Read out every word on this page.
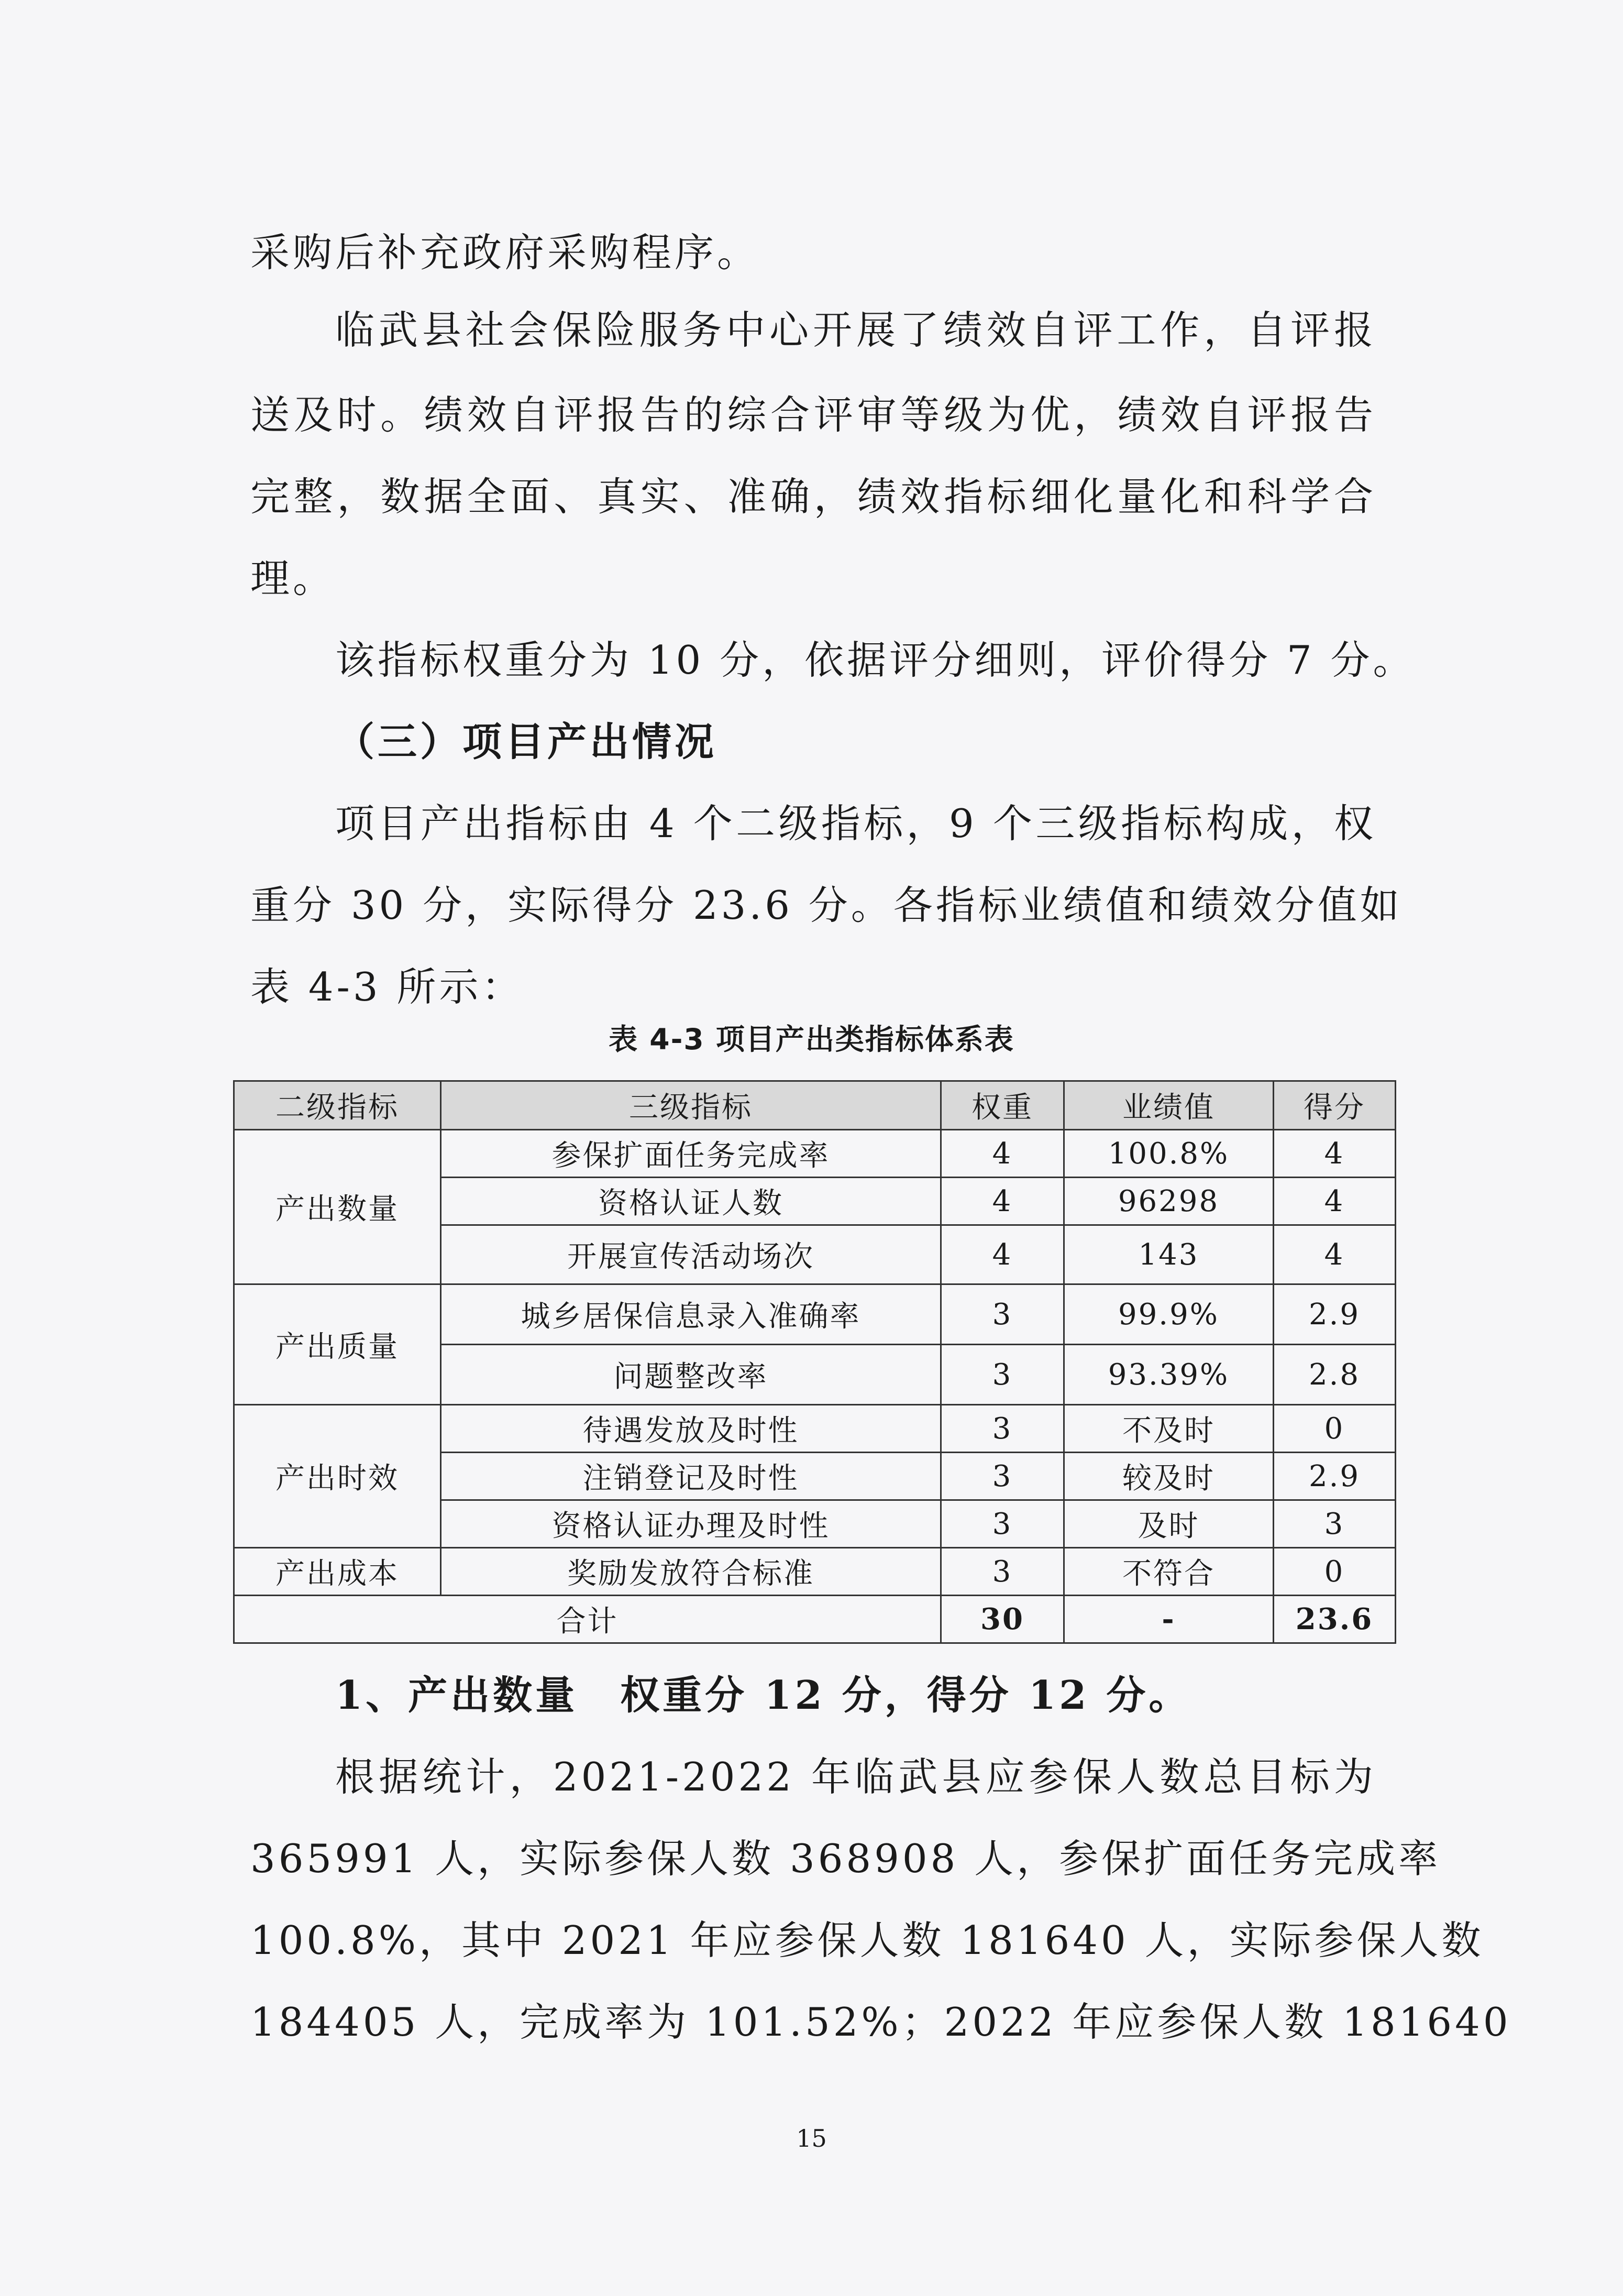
采购后补充政府采购程序。
临武县社会保险服务中心开展了绩效自评工作，自评报
送及时。绩效自评报告的综合评审等级为优，绩效自评报告
完整，数据全面、真实、准确，绩效指标细化量化和科学合
理。
该指标权重分为 10 分，依据评分细则，评价得分 7 分。
（三）项目产出情况
项目产出指标由 4 个二级指标，9 个三级指标构成，权
重分 30 分，实际得分 23.6 分。各指标业绩值和绩效分值如
表 4-3 所示：
表 4-3 项目产出类指标体系表
二级指标	三级指标	权重	业绩值	得分
产出数量	参保扩面任务完成率	4	100.8%	4
	资格认证人数	4	96298	4
	开展宣传活动场次	4	143	4
产出质量	城乡居保信息录入准确率	3	99.9%	2.9
	问题整改率	3	93.39%	2.8
产出时效	待遇发放及时性	3	不及时	0
	注销登记及时性	3	较及时	2.9
	资格认证办理及时性	3	及时	3
产出成本	奖励发放符合标准	3	不符合	0
合计		30	-	23.6
1、产出数量　权重分 12 分，得分 12 分。
根据统计，2021-2022 年临武县应参保人数总目标为
365991 人，实际参保人数 368908 人，参保扩面任务完成率
100.8%，其中 2021 年应参保人数 181640 人，实际参保人数
184405 人，完成率为 101.52%；2022 年应参保人数 181640
15
